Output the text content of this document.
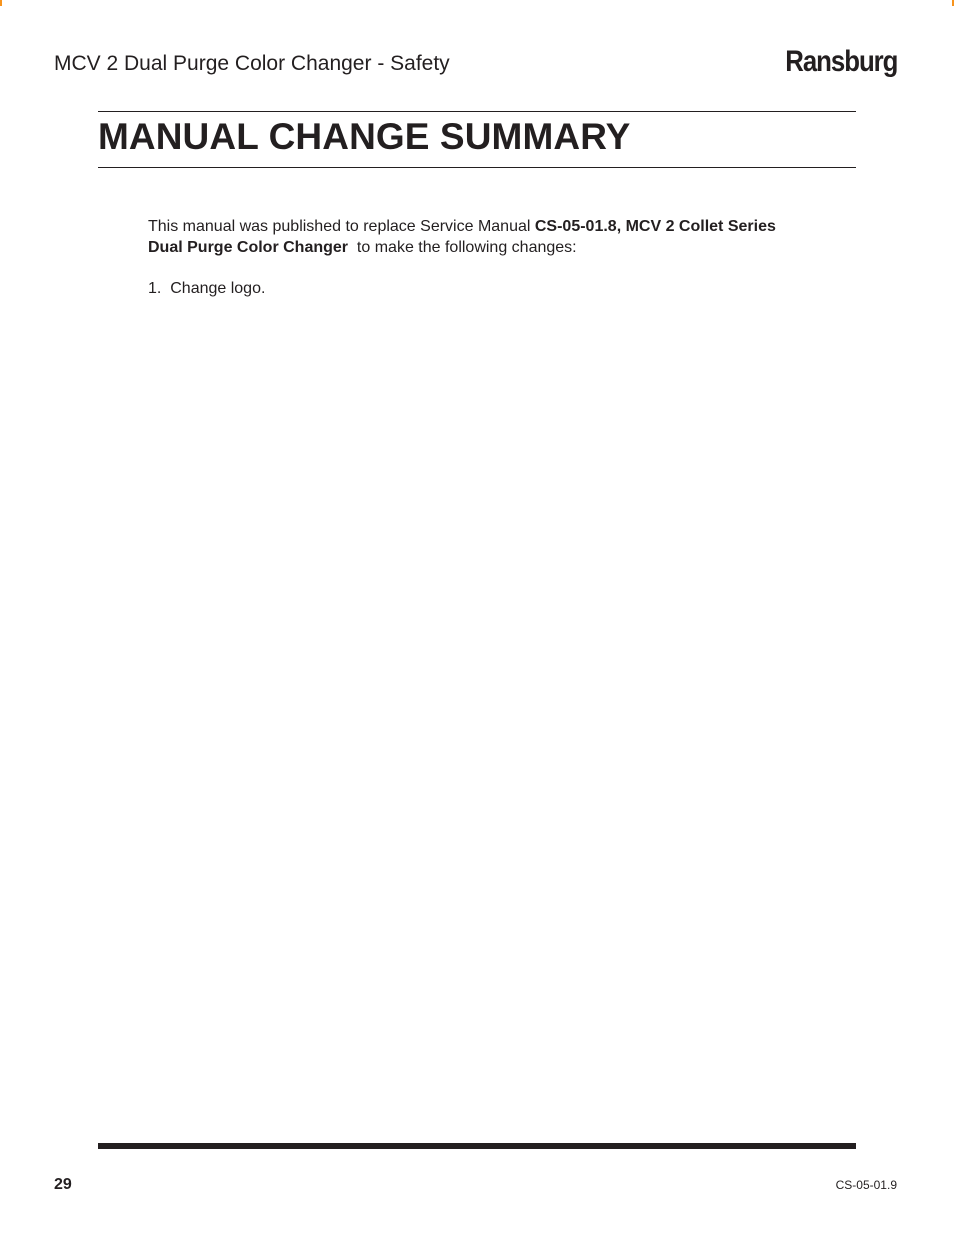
MCV 2 Dual Purge Color Changer - Safety	Ransburg
MANUAL CHANGE SUMMARY

This manual was published to replace Service Manual CS-05-01.8, MCV 2 Collet Series Dual Purge Color Changer  to make the following changes:

1.  Change logo.
29	CS-05-01.9
